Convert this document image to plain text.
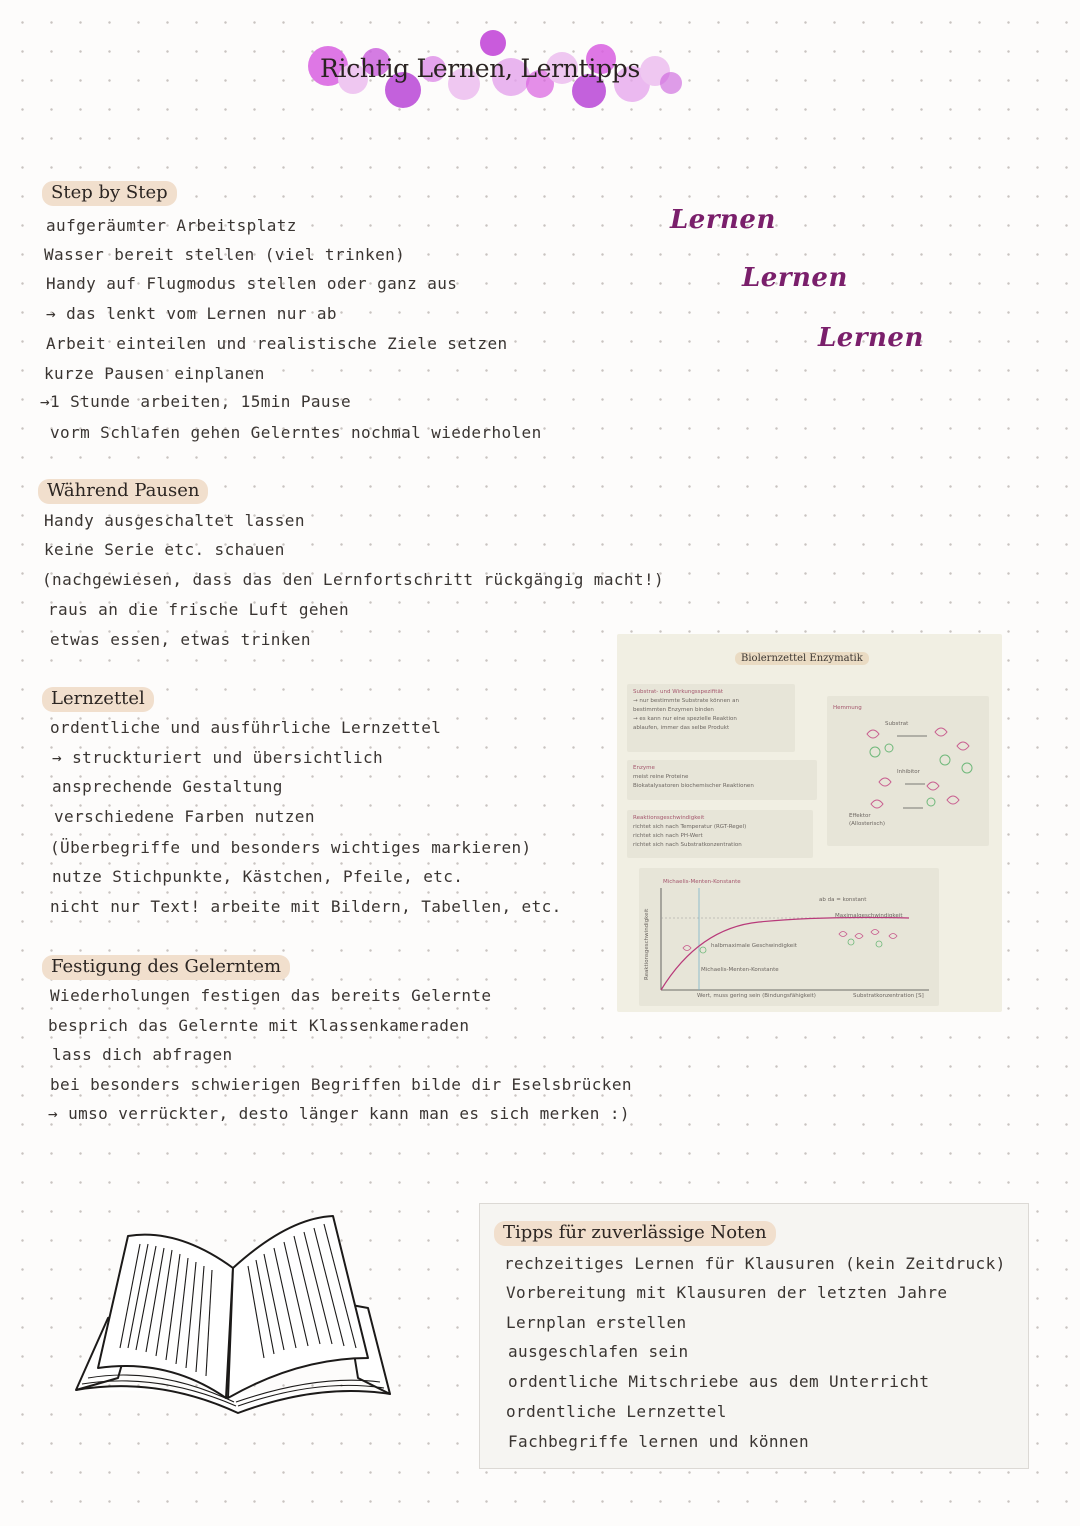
Richtig Lernen, Lerntipps
Lernen
Lernen
Lernen
Step by Step
aufgeräumter Arbeitsplatz
Wasser bereit stellen (viel trinken)
Handy auf Flugmodus stellen oder ganz aus
→ das lenkt vom Lernen nur ab
Arbeit einteilen und realistische Ziele setzen
kurze Pausen einplanen
→1 Stunde arbeiten, 15min Pause
vorm Schlafen gehen Gelerntes nochmal wiederholen
Während Pausen
Handy ausgeschaltet lassen
keine Serie etc. schauen
(nachgewiesen, dass das den Lernfortschritt rückgängig macht!)
raus an die frische Luft gehen
etwas essen, etwas trinken
Lernzettel
ordentliche und ausführliche Lernzettel
→ struckturiert und übersichtlich
ansprechende Gestaltung
verschiedene Farben nutzen
(Überbegriffe und besonders wichtiges markieren)
nutze Stichpunkte, Kästchen, Pfeile, etc.
nicht nur Text! arbeite mit Bildern, Tabellen, etc.
Festigung des Gelerntem
Wiederholungen festigen das bereits Gelernte
besprich das Gelernte mit Klassenkameraden
lass dich abfragen
bei besonders schwierigen Begriffen bilde dir Eselsbrücken
→ umso verrückter, desto länger kann man es sich merken :)
Biolernzettel Enzymatik
Substrat- und Wirkungsspezifität
→ nur bestimmte Substrate können an
bestimmten Enzymen binden
→ es kann nur eine spezielle Reaktion
ablaufen, immer das selbe Produkt
Enzyme
meist reine Proteine
Biokatalysatoren biochemischer Reaktionen
Reaktionsgeschwindigkeit
richtet sich nach Temperatur (RGT-Regel)
richtet sich nach PH-Wert
richtet sich nach Substratkonzentration
Hemmung
Substrat
Inhibitor
Effektor
(Allosterisch)
Michaelis-Menten-Konstante
ab da = konstant
Maximalgeschwindigkeit
halbmaximale Geschwindigkeit
Michaelis-Menten-Konstante
Reaktionsgeschwindigkeit
Substratkonzentration [S]
Wert, muss gering sein (Bindungsfähigkeit)
Tipps für zuverlässige Noten
rechzeitiges Lernen für Klausuren (kein Zeitdruck)
Vorbereitung mit Klausuren der letzten Jahre
Lernplan erstellen
ausgeschlafen sein
ordentliche Mitschriebe aus dem Unterricht
ordentliche Lernzettel
Fachbegriffe lernen und können
